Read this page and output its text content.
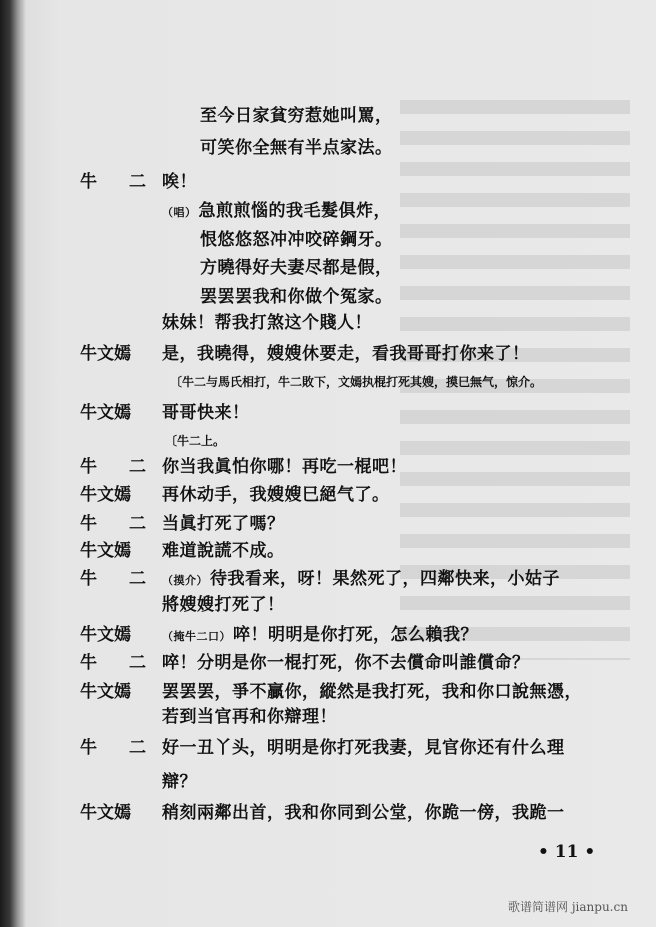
至今日家貧穷惹她叫罵，
可笑你全無有半点家法。
牛 二 唉！
（唱） 急煎煎惱的我毛髮俱炸，
恨悠悠怒冲冲咬碎鋼牙。
方曉得好夫妻尽都是假，
罢罢罢我和你做个冤家。
妹妹！帮我打煞这个賤人！
牛文嫣 是，我曉得，嫂嫂休要走，看我哥哥打你来了！
〔牛二与馬氏相打，牛二敗下，文嫣执棍打死其嫂，摸巳無气，惊介。
牛文嫣 哥哥快来！
〔牛二上。
牛 二 你当我眞怕你哪！再吃一棍吧！
牛文嫣 再休动手，我嫂嫂巳絕气了。
牛 二 当眞打死了嗎？
牛文嫣 难道說謊不成。
牛 二 （摸介） 待我看来，呀！果然死了，四鄰快来，小姑子
將嫂嫂打死了！
牛文嫣	（掩牛二口） 啐！明明是你打死，怎么賴我？
牛 二 啐！分明是你一棍打死，你不去償命叫誰償命？
牛文嫣 罢罢罢，爭不贏你，縱然是我打死，我和你口說無憑，
若到当官再和你辯理！
牛 二 好一丑丫头，明明是你打死我妻，見官你还有什么理
辯？
牛文嫣 稍刻兩鄰出首，我和你同到公堂，你跪一傍，我跪一
• 11 •
歌谱简谱网 jianpu.cn
